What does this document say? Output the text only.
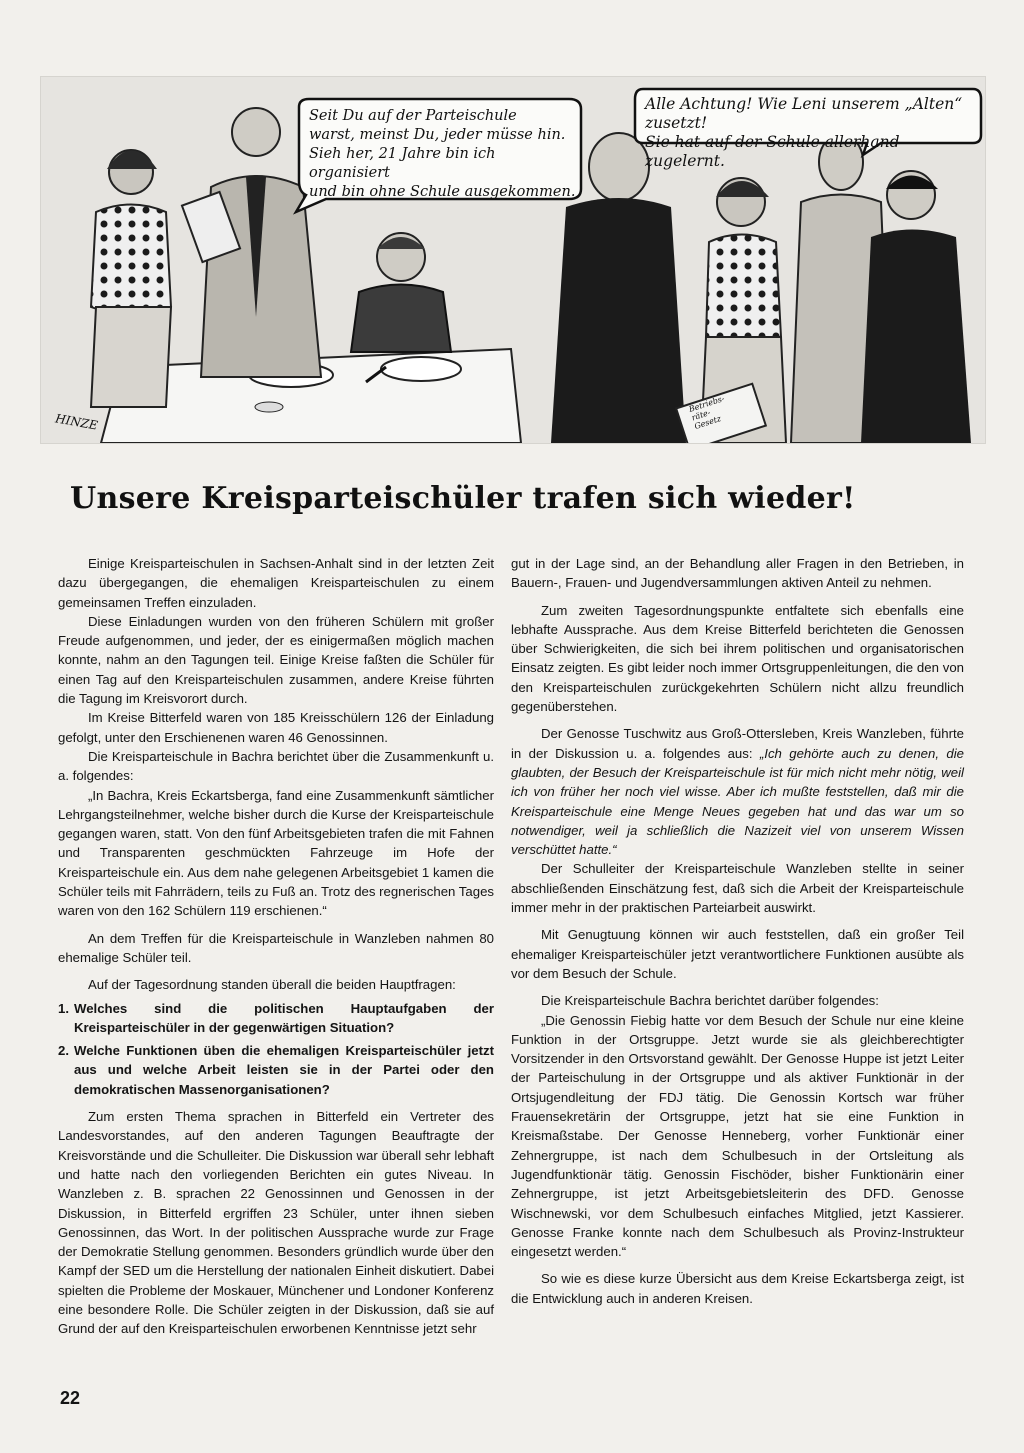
Seit Du auf der Parteischule
warst, meinst Du, jeder müsse hin.
Sieh her, 21 Jahre bin ich organisiert
und bin ohne Schule ausgekommen.
Alle Achtung! Wie Leni unserem „Alten“ zusetzt!
Sie hat auf der Schule allerhand zugelernt.
HINZE
Betriebs-
räte-
Gesetz
Unsere Kreisparteischüler trafen sich wieder!

Einige Kreisparteischulen in Sachsen-Anhalt sind in der letzten Zeit dazu übergegangen, die ehemaligen Kreisparteischulen zu einem gemeinsamen Treffen einzuladen.

Diese Einladungen wurden von den früheren Schülern mit großer Freude aufgenommen, und jeder, der es einigermaßen möglich machen konnte, nahm an den Tagungen teil. Einige Kreise faßten die Schüler für einen Tag auf den Kreisparteischulen zusammen, andere Kreise führten die Tagung im Kreisvorort durch.

Im Kreise Bitterfeld waren von 185 Kreisschülern 126 der Einladung gefolgt, unter den Erschienenen waren 46 Genossinnen.

Die Kreisparteischule in Bachra berichtet über die Zusammenkunft u. a. folgendes:

„In Bachra, Kreis Eckartsberga, fand eine Zusammenkunft sämtlicher Lehrgangsteilnehmer, welche bisher durch die Kurse der Kreisparteischule gegangen waren, statt. Von den fünf Arbeitsgebieten trafen die mit Fahnen und Transparenten geschmückten Fahrzeuge im Hofe der Kreisparteischule ein. Aus dem nahe gelegenen Arbeitsgebiet 1 kamen die Schüler teils mit Fahrrädern, teils zu Fuß an. Trotz des regnerischen Tages waren von den 162 Schülern 119 erschienen.“

An dem Treffen für die Kreisparteischule in Wanzleben nahmen 80 ehemalige Schüler teil.

Auf der Tagesordnung standen überall die beiden Hauptfragen:

1. Welches sind die politischen Hauptaufgaben der Kreisparteischüler in der gegenwärtigen Situation?
2. Welche Funktionen üben die ehemaligen Kreisparteischüler jetzt aus und welche Arbeit leisten sie in der Partei oder den demokratischen Massenorganisationen?

Zum ersten Thema sprachen in Bitterfeld ein Vertreter des Landesvorstandes, auf den anderen Tagungen Beauftragte der Kreisvorstände und die Schulleiter. Die Diskussion war überall sehr lebhaft und hatte nach den vorliegenden Berichten ein gutes Niveau. In Wanzleben z. B. sprachen 22 Genossinnen und Genossen in der Diskussion, in Bitterfeld ergriffen 23 Schüler, unter ihnen sieben Genossinnen, das Wort. In der politischen Aussprache wurde zur Frage der Demokratie Stellung genommen. Besonders gründlich wurde über den Kampf der SED um die Herstellung der nationalen Einheit diskutiert. Dabei spielten die Probleme der Moskauer, Münchener und Londoner Konferenz eine besondere Rolle. Die Schüler zeigten in der Diskussion, daß sie auf Grund der auf den Kreisparteischulen erworbenen Kenntnisse jetzt sehr

gut in der Lage sind, an der Behandlung aller Fragen in den Betrieben, in Bauern-, Frauen- und Jugendversammlungen aktiven Anteil zu nehmen.

Zum zweiten Tagesordnungspunkte entfaltete sich ebenfalls eine lebhafte Aussprache. Aus dem Kreise Bitterfeld berichteten die Genossen über Schwierigkeiten, die sich bei ihrem politischen und organisatorischen Einsatz zeigten. Es gibt leider noch immer Ortsgruppenleitungen, die den von den Kreisparteischulen zurückgekehrten Schülern nicht allzu freundlich gegenüberstehen.

Der Genosse Tuschwitz aus Groß-Ottersleben, Kreis Wanzleben, führte in der Diskussion u. a. folgendes aus: „Ich gehörte auch zu denen, die glaubten, der Besuch der Kreisparteischule ist für mich nicht mehr nötig, weil ich von früher her noch viel wisse. Aber ich mußte feststellen, daß mir die Kreisparteischule eine Menge Neues gegeben hat und das war um so notwendiger, weil ja schließlich die Nazizeit viel von unserem Wissen verschüttet hatte.“

Der Schulleiter der Kreisparteischule Wanzleben stellte in seiner abschließenden Einschätzung fest, daß sich die Arbeit der Kreisparteischule immer mehr in der praktischen Parteiarbeit auswirkt.

Mit Genugtuung können wir auch feststellen, daß ein großer Teil ehemaliger Kreisparteischüler jetzt verantwortlichere Funktionen ausübte als vor dem Besuch der Schule.

Die Kreisparteischule Bachra berichtet darüber folgendes:

„Die Genossin Fiebig hatte vor dem Besuch der Schule nur eine kleine Funktion in der Ortsgruppe. Jetzt wurde sie als gleichberechtigter Vorsitzender in den Ortsvorstand gewählt. Der Genosse Huppe ist jetzt Leiter der Parteischulung in der Ortsgruppe und als aktiver Funktionär in der Ortsjugendleitung der FDJ tätig. Die Genossin Kortsch war früher Frauensekretärin der Ortsgruppe, jetzt hat sie eine Funktion in Kreismaßstabe. Der Genosse Henneberg, vorher Funktionär einer Zehnergruppe, ist nach dem Schulbesuch in der Ortsleitung als Jugendfunktionär tätig. Genossin Fischöder, bisher Funktionärin einer Zehnergruppe, ist jetzt Arbeitsgebietsleiterin des DFD. Genosse Wischnewski, vor dem Schulbesuch einfaches Mitglied, jetzt Kassierer. Genosse Franke konnte nach dem Schulbesuch als Provinz-Instrukteur eingesetzt werden.“

So wie es diese kurze Übersicht aus dem Kreise Eckartsberga zeigt, ist die Entwicklung auch in anderen Kreisen.

22
